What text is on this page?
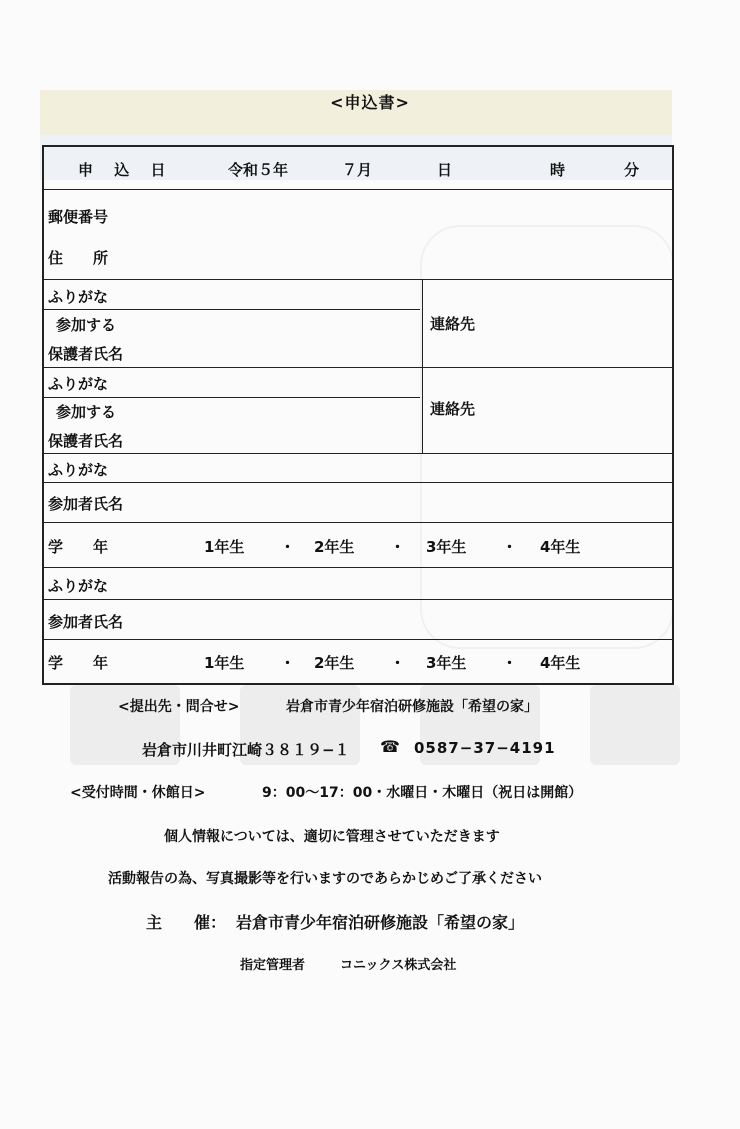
<申込書>
申 込 日	令和５年	７月	日	時	分
郵便番号
住　　所
ふりがな
参加する
保護者氏名
連絡先
ふりがな
参加する
保護者氏名
連絡先
ふりがな
参加者氏名
学　　年	1年生 ・ 2年生 ・ 3年生 ・ 4年生
ふりがな
参加者氏名
学　　年	1年生 ・ 2年生 ・ 3年生 ・ 4年生
<提出先・問合せ>	岩倉市青少年宿泊研修施設「希望の家」
岩倉市川井町江崎３８１９−１ ☎ 0587−37−4191
<受付時間・休館日>	9：00〜17：00・水曜日・木曜日（祝日は開館）
個人情報については、適切に管理させていただきます
活動報告の為、写真撮影等を行いますのであらかじめご了承ください
主　　催： 岩倉市青少年宿泊研修施設「希望の家」
指定管理者	コニックス株式会社
